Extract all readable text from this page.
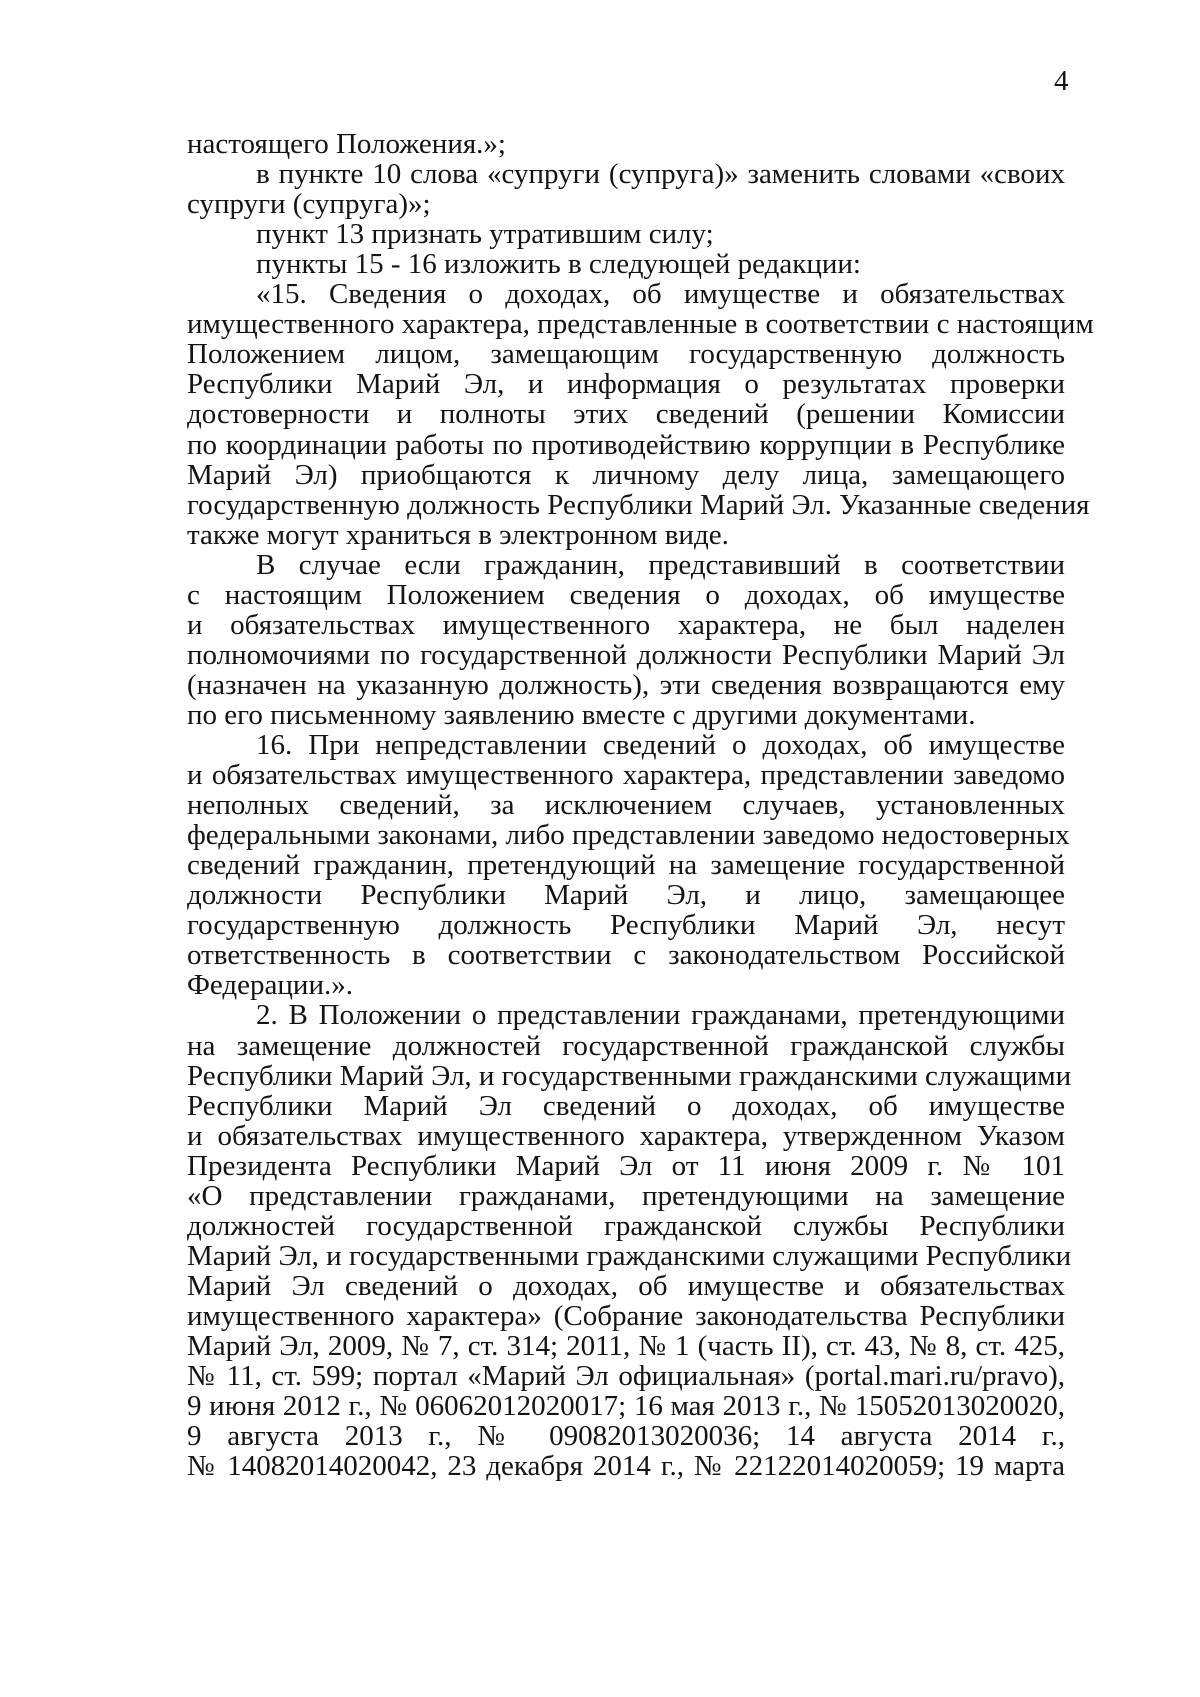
4
настоящего Положения.»;
в пункте 10 слова «супруги (супруга)» заменить словами «своих
супруги (супруга)»;
пункт 13 признать утратившим силу;
пункты 15 - 16 изложить в следующей редакции:
«15. Сведения о доходах, об имуществе и обязательствах
имущественного характера, представленные в соответствии с настоящим
Положением лицом, замещающим государственную должность
Республики Марий Эл, и информация о результатах проверки
достоверности и полноты этих сведений (решении Комиссии
по координации работы по противодействию коррупции в Республике
Марий Эл) приобщаются к личному делу лица, замещающего
государственную должность Республики Марий Эл. Указанные сведения
также могут храниться в электронном виде.
В случае если гражданин, представивший в соответствии
с настоящим Положением сведения о доходах, об имуществе
и обязательствах имущественного характера, не был наделен
полномочиями по государственной должности Республики Марий Эл
(назначен на указанную должность), эти сведения возвращаются ему
по его письменному заявлению вместе с другими документами.
16. При непредставлении сведений о доходах, об имуществе
и обязательствах имущественного характера, представлении заведомо
неполных сведений, за исключением случаев, установленных
федеральными законами, либо представлении заведомо недостоверных
сведений гражданин, претендующий на замещение государственной
должности Республики Марий Эл, и лицо, замещающее
государственную должность Республики Марий Эл, несут
ответственность в соответствии с законодательством Российской
Федерации.».
2. В Положении о представлении гражданами, претендующими
на замещение должностей государственной гражданской службы
Республики Марий Эл, и государственными гражданскими служащими
Республики Марий Эл сведений о доходах, об имуществе
и обязательствах имущественного характера, утвержденном Указом
Президента Республики Марий Эл от 11 июня 2009 г. № 101
«О представлении гражданами, претендующими на замещение
должностей государственной гражданской службы Республики
Марий Эл, и государственными гражданскими служащими Республики
Марий Эл сведений о доходах, об имуществе и обязательствах
имущественного характера» (Собрание законодательства Республики
Марий Эл, 2009, № 7, ст. 314; 2011, № 1 (часть II), ст. 43, № 8, ст. 425,
№ 11, ст. 599; портал «Марий Эл официальная» (portal.mari.ru/pravo),
9 июня 2012 г., № 06062012020017; 16 мая 2013 г., № 15052013020020,
9 августа 2013 г., № 09082013020036; 14 августа 2014 г.,
№ 14082014020042, 23 декабря 2014 г., № 22122014020059; 19 марта
